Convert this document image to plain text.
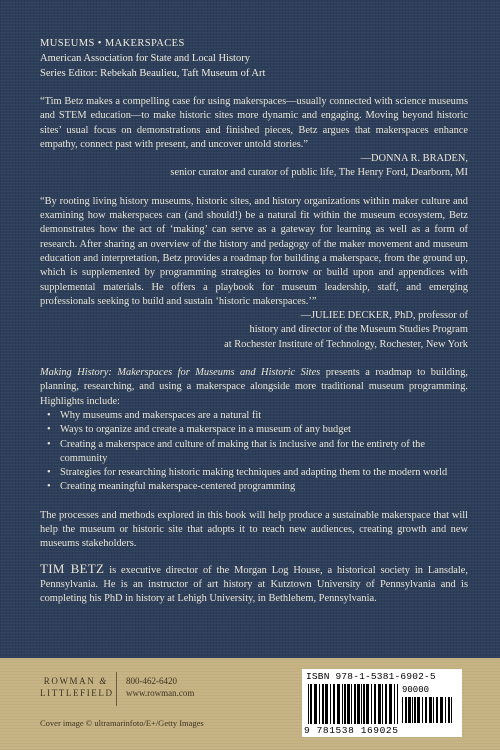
MUSEUMS • MAKERSPACES
American Association for State and Local History
Series Editor: Rebekah Beaulieu, Taft Museum of Art

“Tim Betz makes a compelling case for using makerspaces—usually connected with science museums and STEM education—to make historic sites more dynamic and engaging. Moving beyond historic sites’ usual focus on demonstrations and finished pieces, Betz argues that makerspaces enhance empathy, connect past with present, and uncover untold stories.”

—DONNA R. BRADEN,

senior curator and curator of public life, The Henry Ford, Dearborn, MI

“By rooting living history museums, historic sites, and history organizations within maker culture and examining how makerspaces can (and should!) be a natural fit within the museum ecosystem, Betz demonstrates how the act of ‘making’ can serve as a gateway for learning as well as a form of research. After sharing an overview of the history and pedagogy of the maker movement and museum education and interpretation, Betz provides a roadmap for building a makerspace, from the ground up, which is supplemented by programming strategies to borrow or build upon and appendices with supplemental materials. He offers a playbook for museum leadership, staff, and emerging professionals seeking to build and sustain ‘historic makerspaces.’”

—JULIEE DECKER, PhD, professor of

history and director of the Museum Studies Program

at Rochester Institute of Technology, Rochester, New York

Making History: Makerspaces for Museums and Historic Sites presents a roadmap to building, planning, researching, and using a makerspace alongside more traditional museum programming. Highlights include:

• Why museums and makerspaces are a natural fit
• Ways to organize and create a makerspace in a museum of any budget
• Creating a makerspace and culture of making that is inclusive and for the entirety of the community
• Strategies for researching historic making techniques and adapting them to the modern world
• Creating meaningful makerspace-centered programming

The processes and methods explored in this book will help produce a sustainable makerspace that will help the museum or historic site that adopts it to reach new audiences, creating growth and new museums stakeholders.

TIM BETZ is executive director of the Morgan Log House, a historical society in Lansdale, Pennsylvania. He is an instructor of art history at Kutztown University of Pennsylvania and is completing his PhD in history at Lehigh University, in Bethlehem, Pennsylvania.

ROWMAN &
LITTLEFIELD
800-462-6420
www.rowman.com
Cover image © ultramarinfoto/E+/Getty Images
ISBN 978-1-5381-6902-5
90000
9 781538 169025
